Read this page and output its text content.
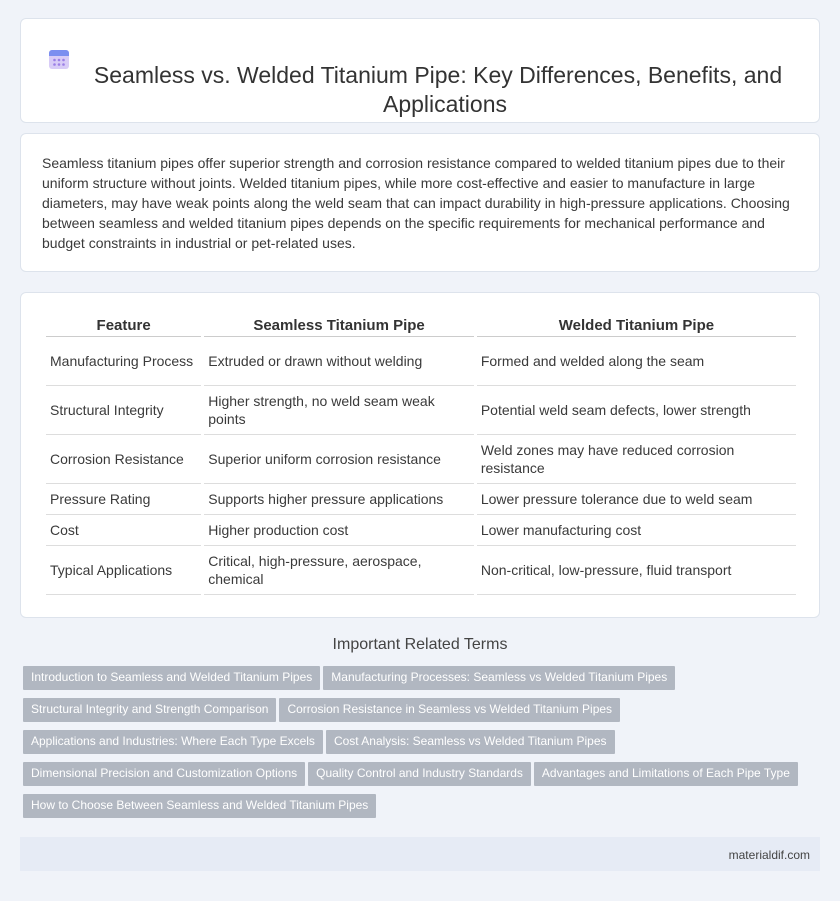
Seamless vs. Welded Titanium Pipe: Key Differences, Benefits, and Applications

Seamless titanium pipes offer superior strength and corrosion resistance compared to welded titanium pipes due to their uniform structure without joints. Welded titanium pipes, while more cost-effective and easier to manufacture in large diameters, may have weak points along the weld seam that can impact durability in high-pressure applications. Choosing between seamless and welded titanium pipes depends on the specific requirements for mechanical performance and budget constraints in industrial or pet-related uses.

Feature	Seamless Titanium Pipe	Welded Titanium Pipe
Manufacturing Process	Extruded or drawn without welding	Formed and welded along the seam
Structural Integrity	Higher strength, no weld seam weak points	Potential weld seam defects, lower strength
Corrosion Resistance	Superior uniform corrosion resistance	Weld zones may have reduced corrosion resistance
Pressure Rating	Supports higher pressure applications	Lower pressure tolerance due to weld seam
Cost	Higher production cost	Lower manufacturing cost
Typical Applications	Critical, high-pressure, aerospace, chemical	Non-critical, low-pressure, fluid transport
Important Related Terms
Introduction to Seamless and Welded Titanium Pipes Manufacturing Processes: Seamless vs Welded Titanium PipesStructural Integrity and Strength Comparison Corrosion Resistance in Seamless vs Welded Titanium PipesApplications and Industries: Where Each Type Excels Cost Analysis: Seamless vs Welded Titanium PipesDimensional Precision and Customization Options Quality Control and Industry Standards Advantages and Limitations of Each Pipe TypeHow to Choose Between Seamless and Welded Titanium Pipes
materialdif.com
